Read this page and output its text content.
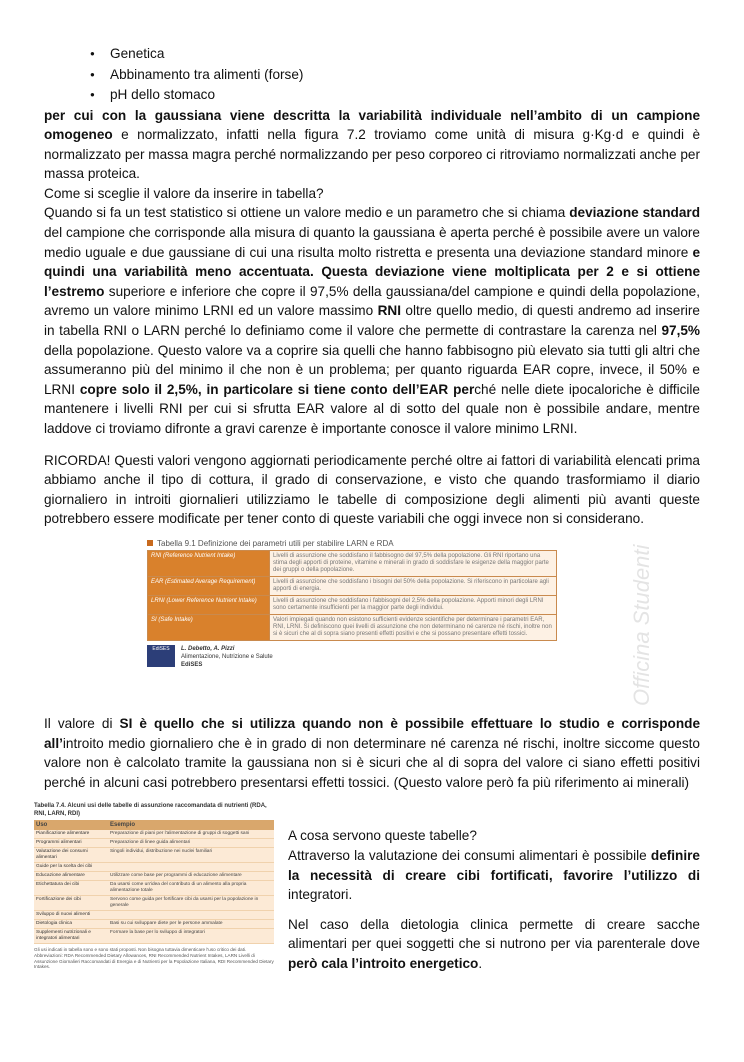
● Genetica
● Abbinamento tra alimenti (forse)
● pH dello stomaco

per cui con la gaussiana viene descritta la variabilità individuale nell’ambito di un campione omogeneo e normalizzato, infatti nella figura 7.2 troviamo come unità di misura g·Kg·d e quindi è normalizzato per massa magra perché normalizzando per peso corporeo ci ritroviamo normalizzati anche per massa proteica.

Come si sceglie il valore da inserire in tabella?

Quando si fa un test statistico si ottiene un valore medio e un parametro che si chiama deviazione standard del campione che corrisponde alla misura di quanto la gaussiana è aperta perché è possibile avere un valore medio uguale e due gaussiane di cui una risulta molto ristretta e presenta una deviazione standard minore e quindi una variabilità meno accentuata. Questa deviazione viene moltiplicata per 2 e si ottiene l’estremo superiore e inferiore che copre il 97,5% della gaussiana/del campione e quindi della popolazione, avremo un valore minimo LRNI ed un valore massimo RNI oltre quello medio, di questi andremo ad inserire in tabella RNI o LARN perché lo definiamo come il valore che permette di contrastare la carenza nel 97,5% della popolazione. Questo valore va a coprire sia quelli che hanno fabbisogno più elevato sia tutti gli altri che assumeranno più del minimo il che non è un problema; per quanto riguarda EAR copre, invece, il 50% e LRNI copre solo il 2,5%, in particolare si tiene conto dell’EAR perché nelle diete ipocaloriche è difficile mantenere i livelli RNI per cui si sfrutta EAR valore al di sotto del quale non è possibile andare, mentre laddove ci troviamo difronte a gravi carenze è importante conosce il valore minimo LRNI.

RICORDA! Questi valori vengono aggiornati periodicamente perché oltre ai fattori di variabilità elencati prima abbiamo anche il tipo di cottura, il grado di conservazione, e visto che quando trasformiamo il diario giornaliero in introiti giornalieri utilizziamo le tabelle di composizione degli alimenti più avanti queste potrebbero essere modificate per tener conto di queste variabili che oggi invece non si considerano.

Tabella 9.1 Definizione dei parametri utili per stabilire LARN e RDA
RNI (Reference Nutrient Intake)	Livelli di assunzione che soddisfano il fabbisogno del 97,5% della popolazione. Gli RNI riportano una stima degli apporti di proteine, vitamine e minerali in grado di soddisfare le esigenze della maggior parte dei gruppi o della popolazione.
EAR (Estimated Average Requirement)	Livelli di assunzione che soddisfano i bisogni del 50% della popolazione. Si riferiscono in particolare agli apporti di energia.
LRNI (Lower Reference Nutrient Intake)	Livelli di assunzione che soddisfano i fabbisogni del 2,5% della popolazione. Apporti minori degli LRNI sono certamente insufficienti per la maggior parte degli individui.
SI (Safe Intake)	Valori impiegati quando non esistono sufficienti evidenze scientifiche per determinare i parametri EAR, RNI, LRNI. Si definiscono quei livelli di assunzione che non determinano né carenze né rischi, inoltre non si è sicuri che al di sopra siano presenti effetti positivi e che si possano presentare effetti tossici.
EdiSES	L. Debetto, A. Pizzi
Alimentazione, Nutrizione e Salute
EdiSES	Officina Studenti

Il valore di SI è quello che si utilizza quando non è possibile effettuare lo studio e corrisponde all’introito medio giornaliero che è in grado di non determinare né carenza né rischi, inoltre siccome questo valore non è calcolato tramite la gaussiana non si è sicuri che al di sopra del valore ci siano effetti positivi perché in alcuni casi potrebbero presentarsi effetti tossici. (Questo valore però fa più riferimento ai minerali)

Tabella 7.4. Alcuni usi delle tabelle di assunzione raccomandata di nutrienti (RDA, RNI, LARN, RDI)
Uso	Esempio
Pianificazione alimentare	Preparazione di piani per l'alimentazione di gruppi di soggetti sani
Programmi alimentari	Preparazione di linee guida alimentari
Valutazione dei consumi alimentari	Singoli individui, distribuzione nei nuclei familiari
Guide per la scelta dei cibi	
Educazione alimentare	Utilizzare come base per programmi di educazione alimentare
Etichettatura dei cibi	Da usarsi come un'idea del contributo di un alimento alla propria alimentazione totale
Fortificazione dei cibi	Servono come guida per fortificare cibi da usarsi per la popolazione in generale
Sviluppo di nuovi alimenti	
Dietologia clinica	Basi su cui sviluppare diete per le persone ammalate
Supplementi nutrizionali e integratori alimentari	Formare la base per lo sviluppo di integratori
Gli usi indicati in tabella sono e sono stati proposti. Non bisogna tuttavia dimenticare l'uso critico dei dati. Abbreviazioni: RDA Recommended Dietary Allowances, RNI Recommended Nutrient Intakes, LARN Livelli di Assunzione Giornalieri Raccomandati di Energia e di Nutrienti per la Popolazione Italiana, RDI Recommended Dietary Intakes.

A cosa servono queste tabelle?

Attraverso la valutazione dei consumi alimentari è possibile definire la necessità di creare cibi fortificati, favorire l’utilizzo di integratori.

Nel caso della dietologia clinica permette di creare sacche alimentari per quei soggetti che si nutrono per via parenterale dove però cala l’introito energetico.
